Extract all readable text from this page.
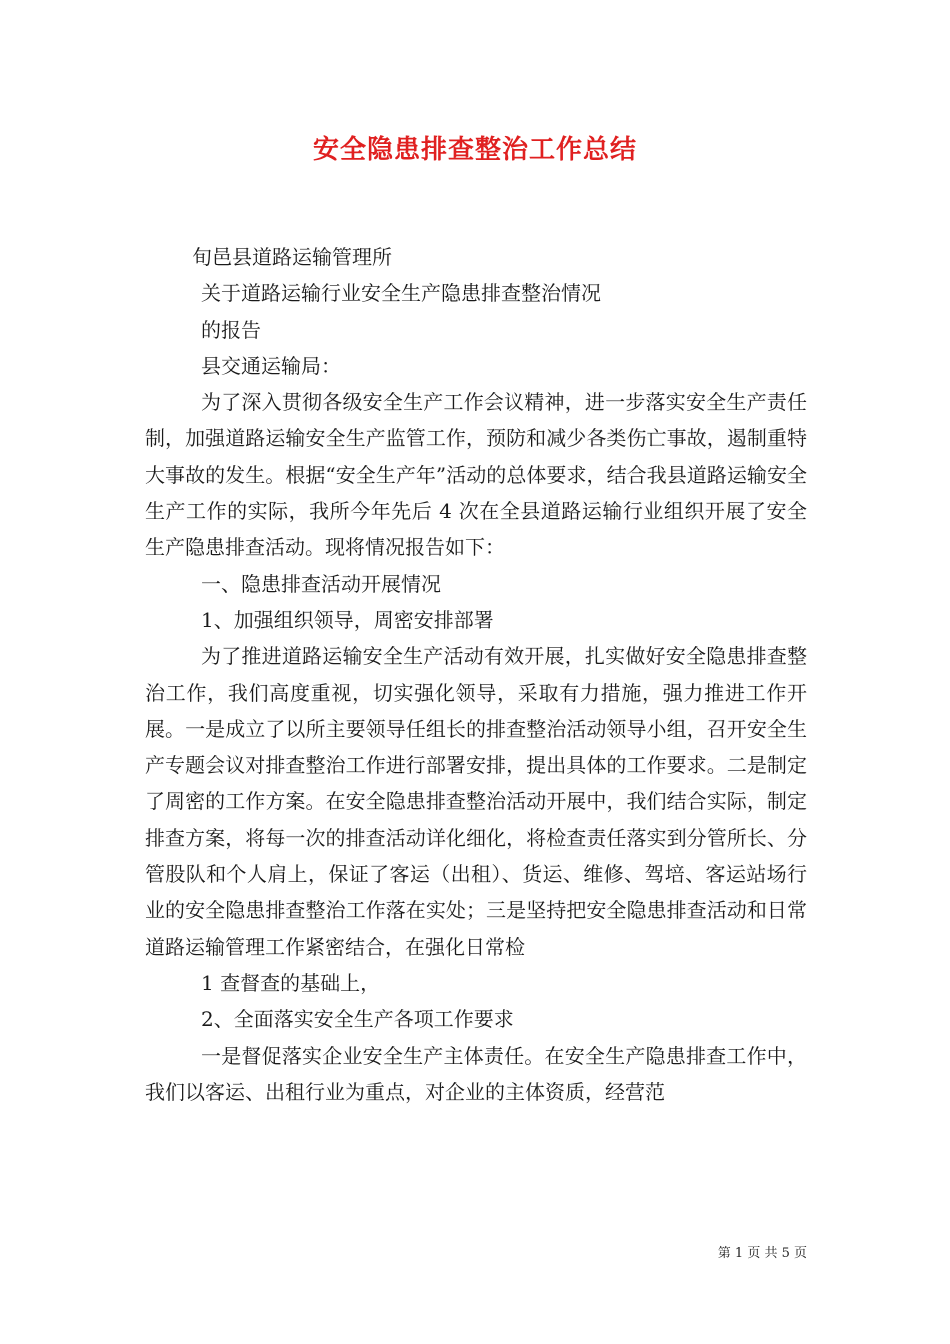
安全隐患排查整治工作总结

旬邑县道路运输管理所

关于道路运输行业安全生产隐患排查整治情况

的报告

县交通运输局：

为了深入贯彻各级安全生产工作会议精神，进一步落实安全生产责任制，加强道路运输安全生产监管工作，预防和减少各类伤亡事故，遏制重特大事故的发生。根据“安全生产年”活动的总体要求，结合我县道路运输安全生产工作的实际，我所今年先后 4 次在全县道路运输行业组织开展了安全生产隐患排查活动。现将情况报告如下：

一、隐患排查活动开展情况

1、加强组织领导，周密安排部署

为了推进道路运输安全生产活动有效开展，扎实做好安全隐患排查整治工作，我们高度重视，切实强化领导，采取有力措施，强力推进工作开展。一是成立了以所主要领导任组长的排查整治活动领导小组，召开安全生产专题会议对排查整治工作进行部署安排，提出具体的工作要求。二是制定了周密的工作方案。在安全隐患排查整治活动开展中，我们结合实际，制定排查方案，将每一次的排查活动详化细化，将检查责任落实到分管所长、分管股队和个人肩上，保证了客运（出租）、货运、维修、驾培、客运站场行业的安全隐患排查整治工作落在实处；三是坚持把安全隐患排查活动和日常道路运输管理工作紧密结合，在强化日常检

1 查督查的基础上，

2、全面落实安全生产各项工作要求

一是督促落实企业安全生产主体责任。在安全生产隐患排查工作中，我们以客运、出租行业为重点，对企业的主体资质，经营范

第 1 页 共 5 页
